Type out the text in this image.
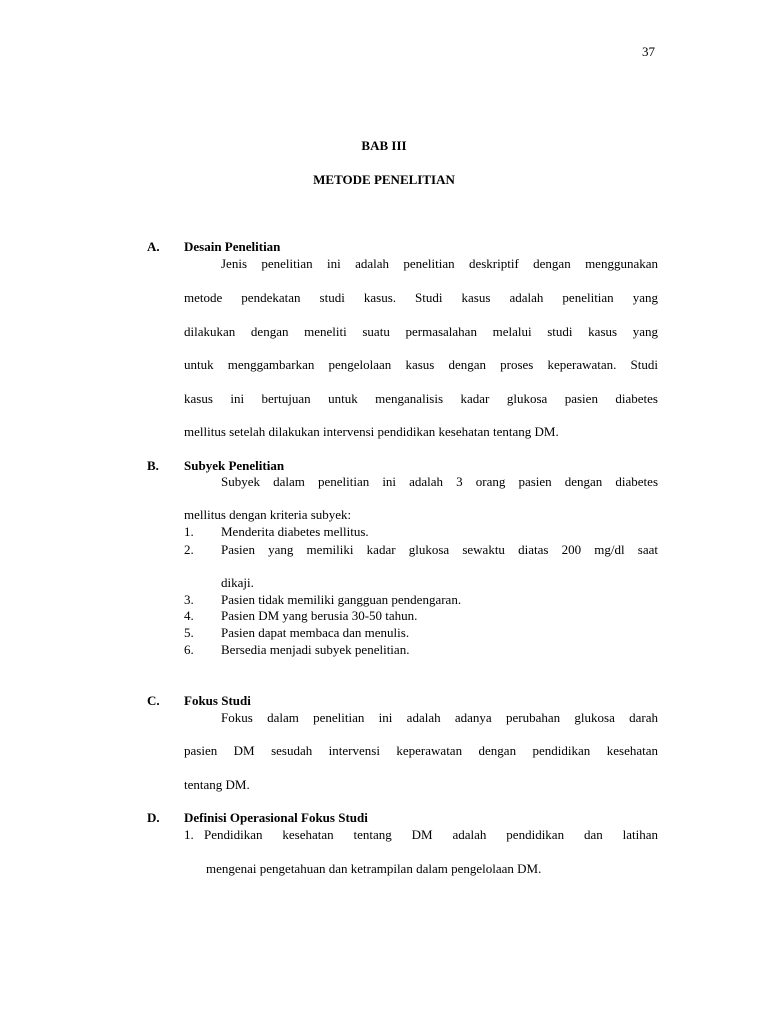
37
BAB III
METODE PENELITIAN
A. Desain Penelitian
Jenis penelitian ini adalah penelitian deskriptif dengan menggunakan
metode pendekatan studi kasus. Studi kasus adalah penelitian yang
dilakukan dengan meneliti suatu permasalahan melalui studi kasus yang
untuk menggambarkan pengelolaan kasus dengan proses keperawatan. Studi
kasus ini bertujuan untuk menganalisis kadar glukosa pasien diabetes
mellitus setelah dilakukan intervensi pendidikan kesehatan tentang DM.
B. Subyek Penelitian
Subyek dalam penelitian ini adalah 3 orang pasien dengan diabetes
mellitus dengan kriteria subyek:
1. Menderita diabetes mellitus.
2. Pasien yang memiliki kadar glukosa sewaktu diatas 200 mg/dl saat
dikaji.
3. Pasien tidak memiliki gangguan pendengaran.
4. Pasien DM yang berusia 30-50 tahun.
5. Pasien dapat membaca dan menulis.
6. Bersedia menjadi subyek penelitian.
C. Fokus Studi
Fokus dalam penelitian ini adalah adanya perubahan glukosa darah
pasien DM sesudah intervensi keperawatan dengan pendidikan kesehatan
tentang DM.
D. Definisi Operasional Fokus Studi
1. Pendidikan kesehatan tentang DM adalah pendidikan dan latihan
mengenai pengetahuan dan ketrampilan dalam pengelolaan DM.
